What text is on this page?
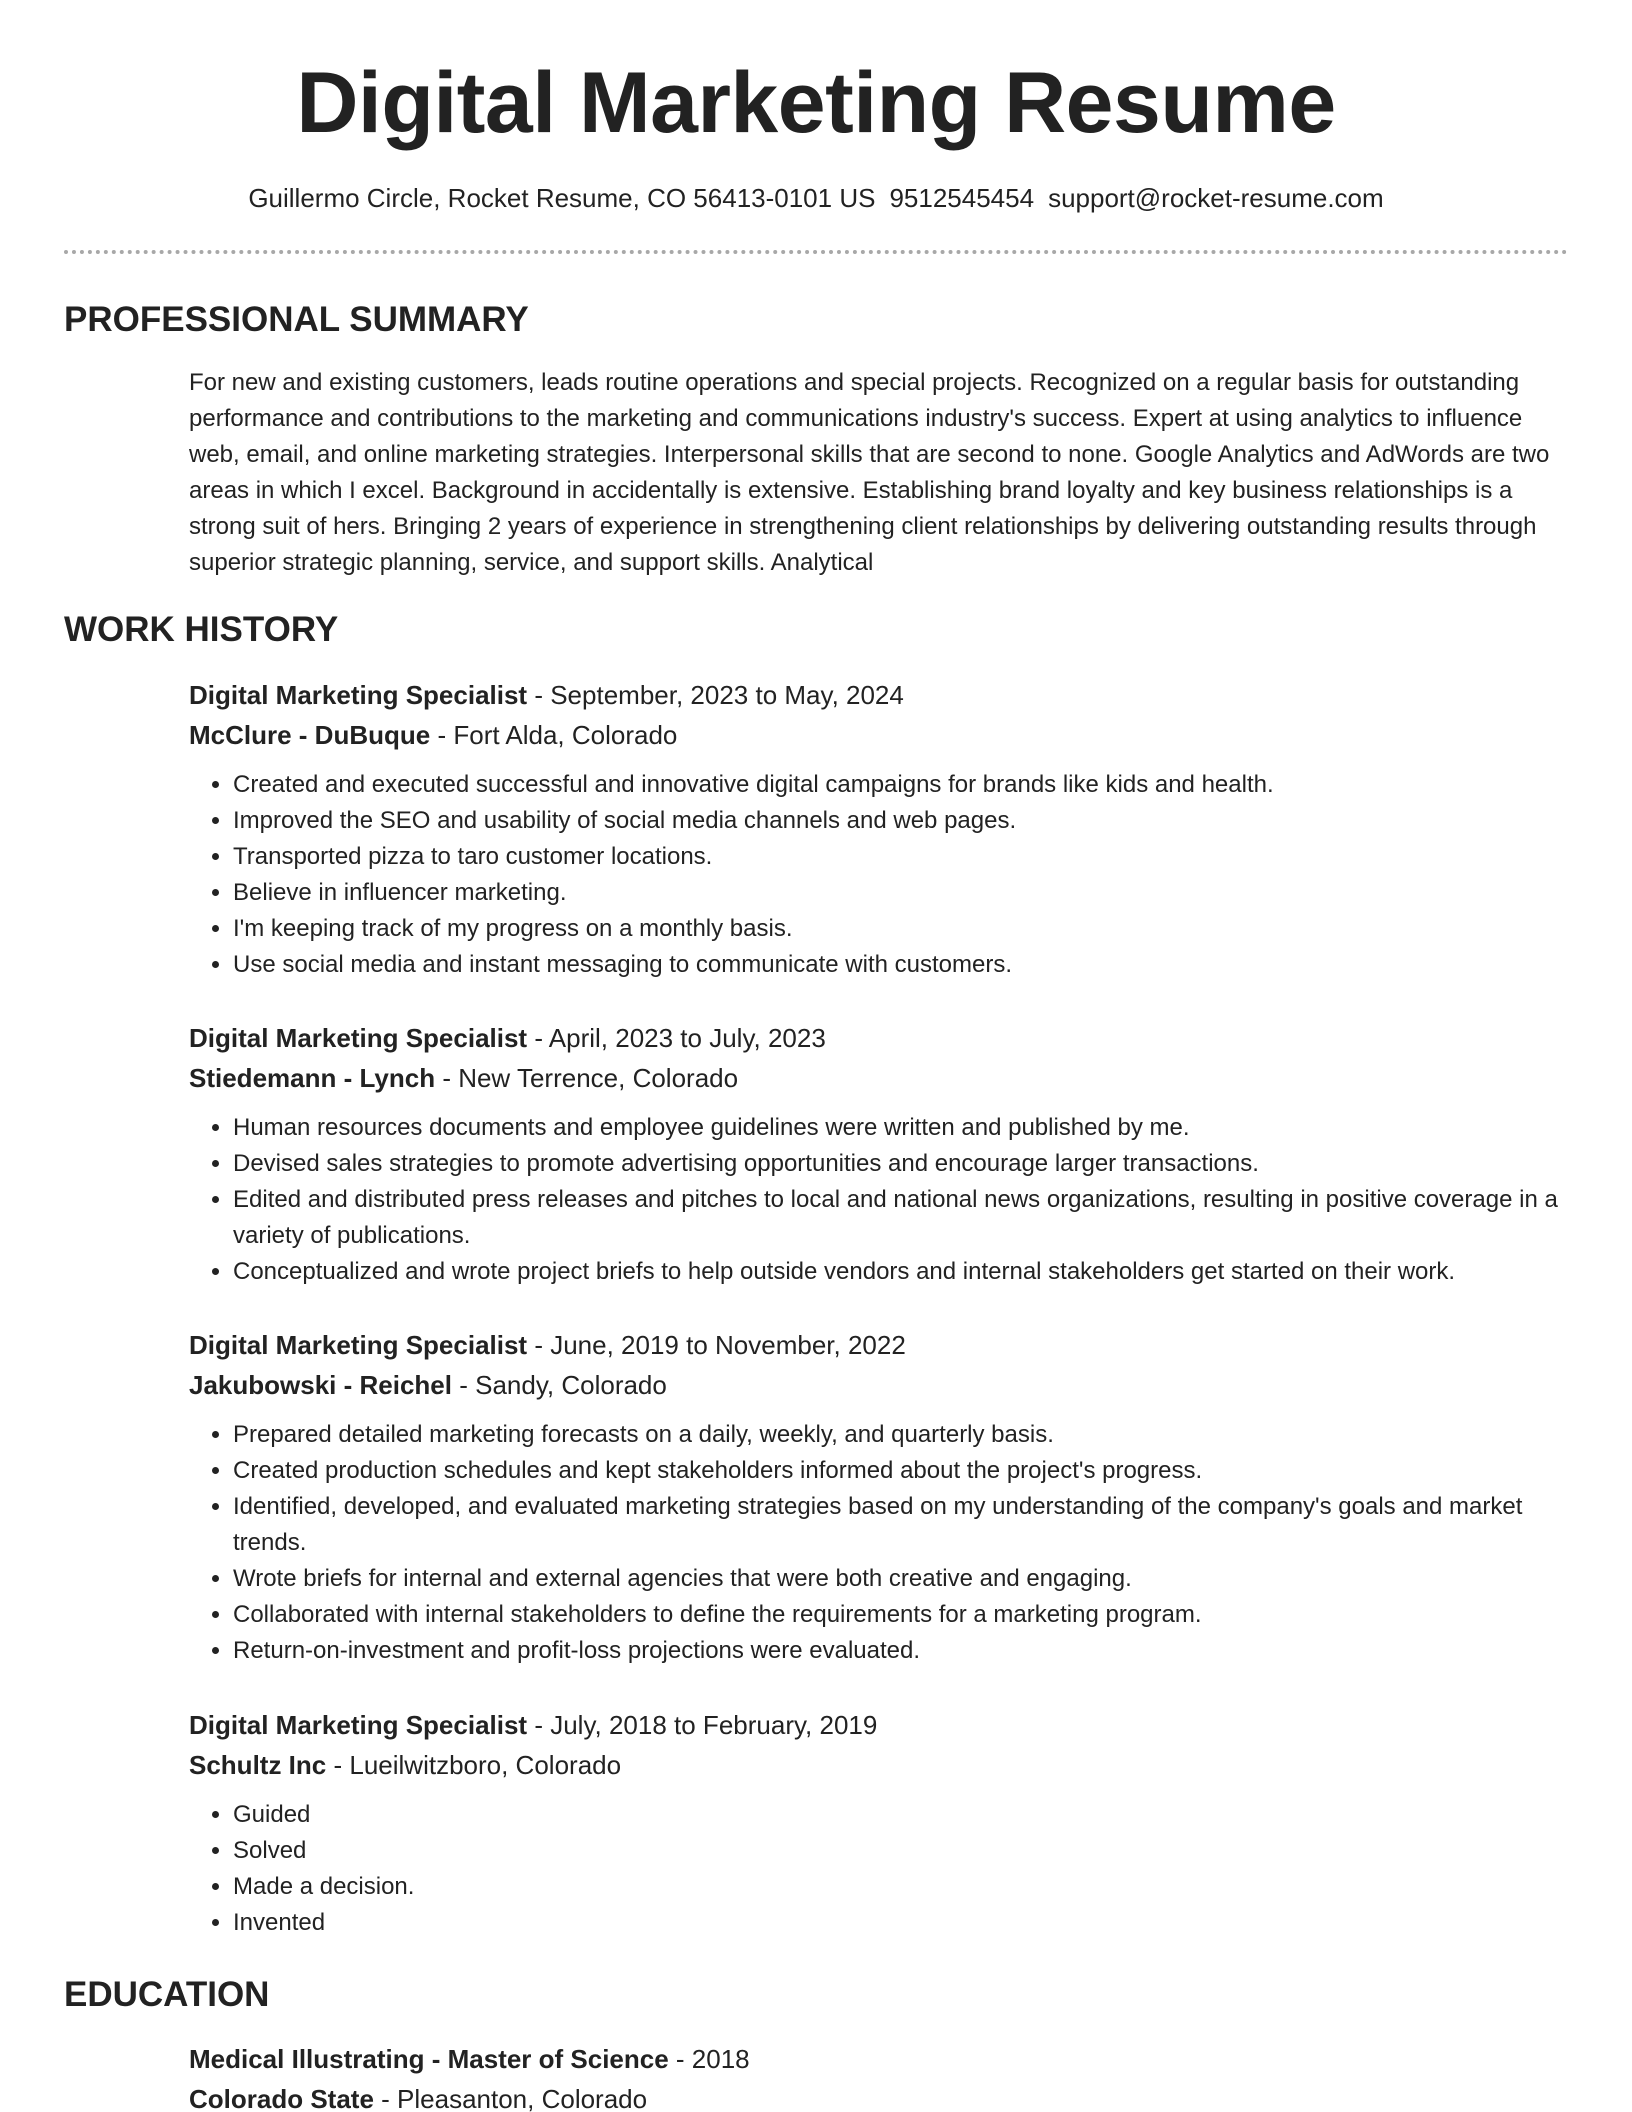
Digital Marketing Resume
Guillermo Circle, Rocket Resume, CO 56413-0101 US 9512545454 support@rocket-resume.com
PROFESSIONAL SUMMARY

For new and existing customers, leads routine operations and special projects. Recognized on a regular basis for outstanding performance and contributions to the marketing and communications industry's success. Expert at using analytics to influence web, email, and online marketing strategies. Interpersonal skills that are second to none. Google Analytics and AdWords are two areas in which I excel. Background in accidentally is extensive. Establishing brand loyalty and key business relationships is a strong suit of hers. Bringing 2 years of experience in strengthening client relationships by delivering outstanding results through superior strategic planning, service, and support skills. Analytical

WORK HISTORY
Digital Marketing Specialist - September, 2023 to May, 2024
McClure - DuBuque - Fort Alda, Colorado
• Created and executed successful and innovative digital campaigns for brands like kids and health.
• Improved the SEO and usability of social media channels and web pages.
• Transported pizza to taro customer locations.
• Believe in influencer marketing.
• I'm keeping track of my progress on a monthly basis.
• Use social media and instant messaging to communicate with customers.
Digital Marketing Specialist - April, 2023 to July, 2023
Stiedemann - Lynch - New Terrence, Colorado
• Human resources documents and employee guidelines were written and published by me.
• Devised sales strategies to promote advertising opportunities and encourage larger transactions.
• Edited and distributed press releases and pitches to local and national news organizations, resulting in positive coverage in a variety of publications.
• Conceptualized and wrote project briefs to help outside vendors and internal stakeholders get started on their work.
Digital Marketing Specialist - June, 2019 to November, 2022
Jakubowski - Reichel - Sandy, Colorado
• Prepared detailed marketing forecasts on a daily, weekly, and quarterly basis.
• Created production schedules and kept stakeholders informed about the project's progress.
• Identified, developed, and evaluated marketing strategies based on my understanding of the company's goals and market trends.
• Wrote briefs for internal and external agencies that were both creative and engaging.
• Collaborated with internal stakeholders to define the requirements for a marketing program.
• Return-on-investment and profit-loss projections were evaluated.
Digital Marketing Specialist - July, 2018 to February, 2019
Schultz Inc - Lueilwitzboro, Colorado
• Guided
• Solved
• Made a decision.
• Invented
EDUCATION
Medical Illustrating - Master of Science - 2018
Colorado State - Pleasanton, Colorado
